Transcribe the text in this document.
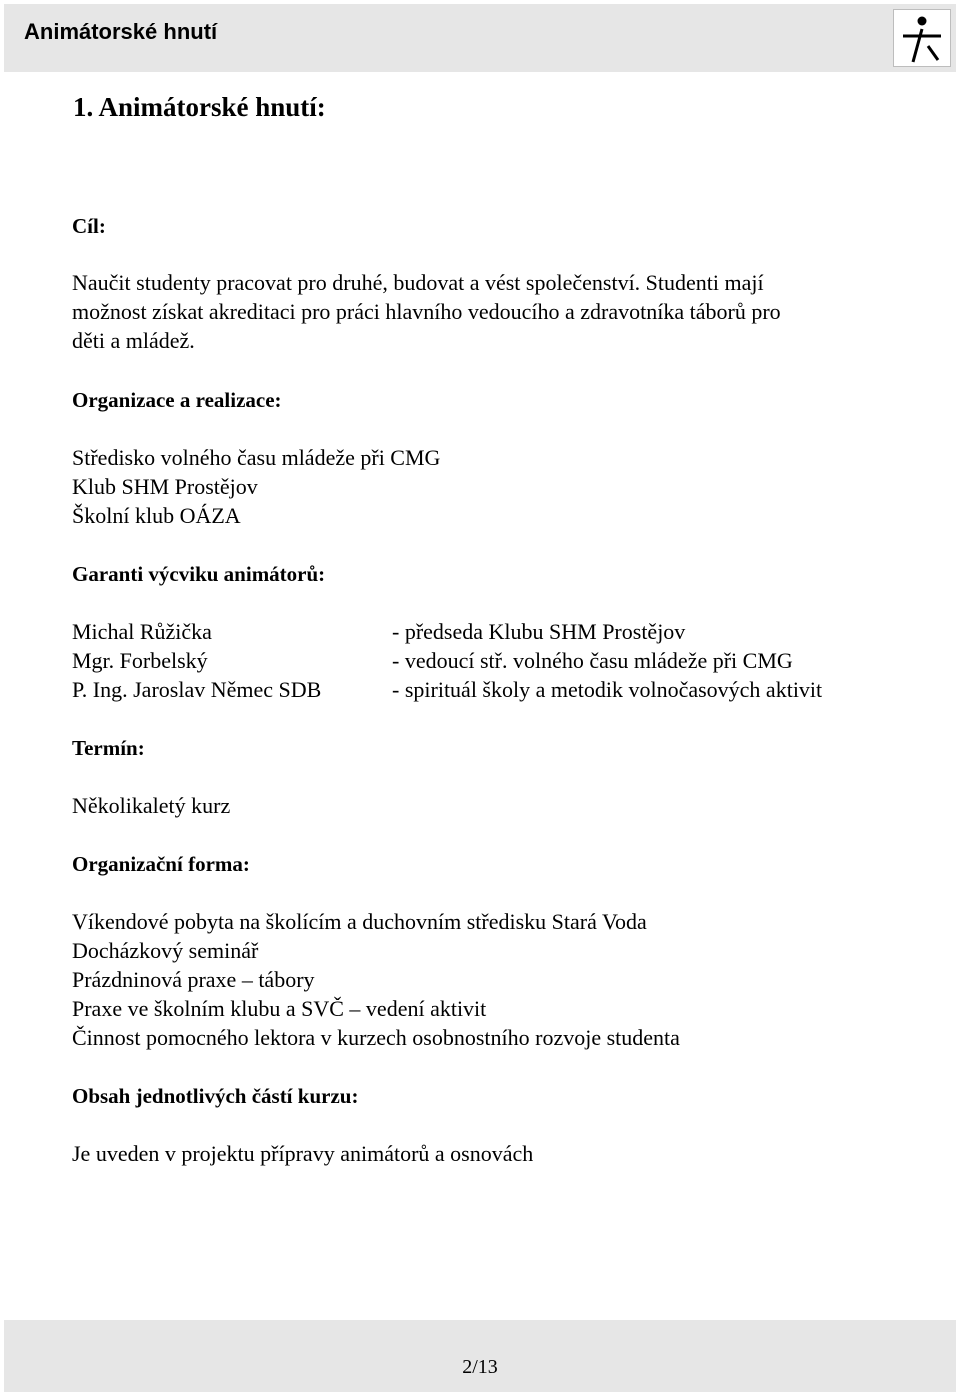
Animátorské hnutí
1. Animátorské hnutí:
Cíl:
Naučit studenty pracovat pro druhé, budovat a vést společenství. Studenti mají
možnost získat akreditaci pro práci hlavního vedoucího a zdravotníka táborů pro
děti a mládež.
Organizace a realizace:
Středisko volného času mládeže při CMG
Klub SHM Prostějov
Školní klub OÁZA
Garanti výcviku animátorů:
Michal Růžička	- předseda Klubu SHM Prostějov
Mgr. Forbelský	- vedoucí stř. volného času mládeže při CMG
P. Ing. Jaroslav Němec SDB	- spirituál školy a metodik volnočasových aktivit
Termín:
Několikaletý kurz
Organizační forma:
Víkendové pobyta na školícím a duchovním středisku Stará Voda
Docházkový seminář
Prázdninová praxe – tábory
Praxe ve školním klubu a SVČ – vedení aktivit
Činnost pomocného lektora v kurzech osobnostního rozvoje studenta
Obsah jednotlivých částí kurzu:
Je uveden v projektu přípravy animátorů a osnovách
2/13
